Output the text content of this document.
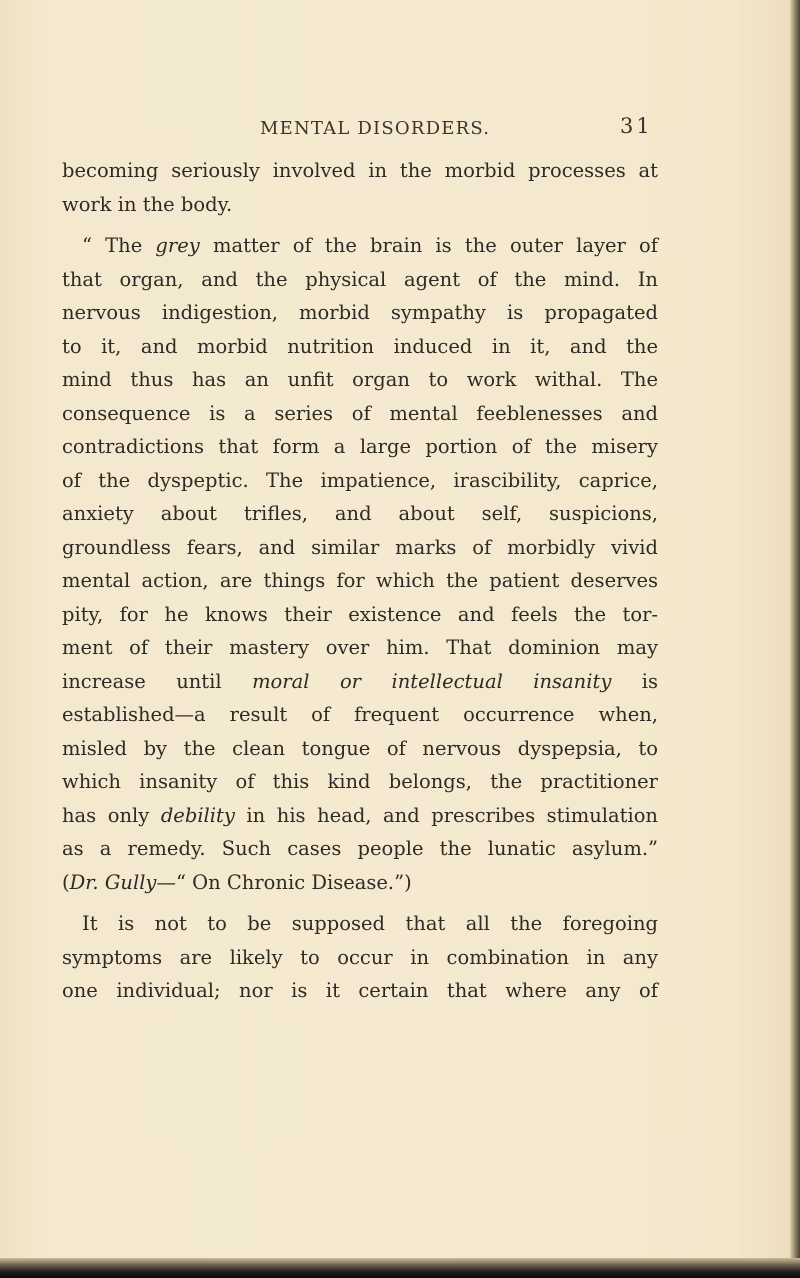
MENTAL DISORDERS.	31
becoming seriously involved in the morbid processes at
work in the body.
“ The grey matter of the brain is the outer layer of
that organ, and the physical agent of the mind. In
nervous indigestion, morbid sympathy is propagated
to it, and morbid nutrition induced in it, and the
mind thus has an unfit organ to work withal. The
consequence is a series of mental feeblenesses and
contradictions that form a large portion of the misery
of the dyspeptic. The impatience, irascibility, caprice,
anxiety about trifles, and about self, suspicions,
groundless fears, and similar marks of morbidly vivid
mental action, are things for which the patient deserves
pity, for he knows their existence and feels the tor-
ment of their mastery over him. That dominion may
increase until moral or intellectual insanity is
established—a result of frequent occurrence when,
misled by the clean tongue of nervous dyspepsia, to
which insanity of this kind belongs, the practitioner
has only debility in his head, and prescribes stimulation
as a remedy. Such cases people the lunatic asylum.”
(Dr. Gully—“ On Chronic Disease.”)
It is not to be supposed that all the foregoing
symptoms are likely to occur in combination in any
one individual; nor is it certain that where any of
